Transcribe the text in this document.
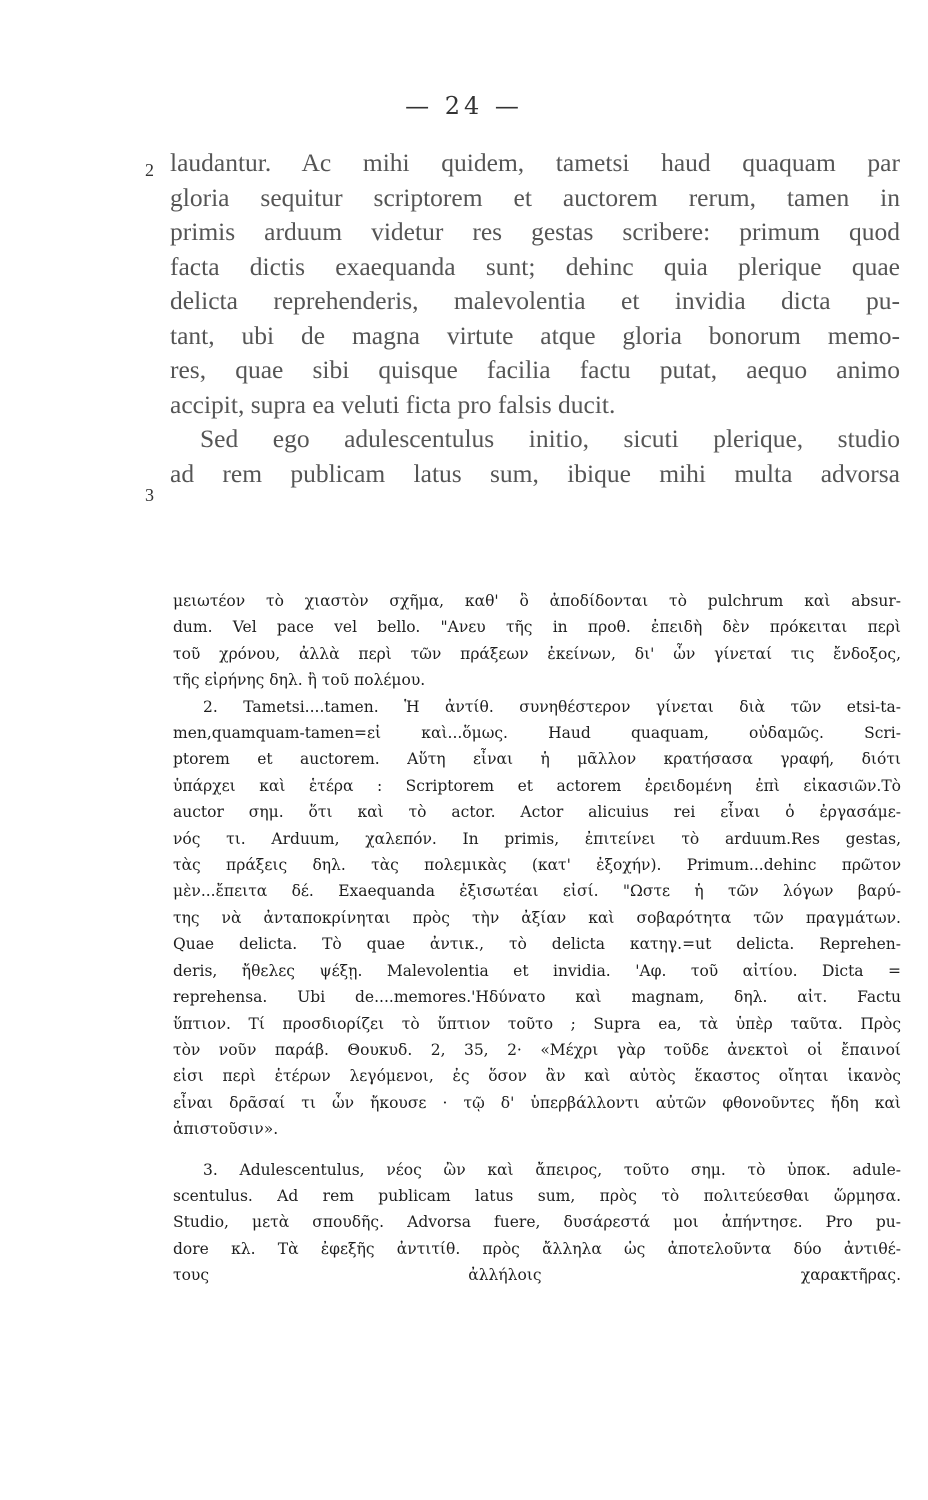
— 24 —
2
3
laudantur. Ac mihi quidem, tametsi haud quaquam par
gloria sequitur scriptorem et auctorem rerum, tamen in
primis arduum videtur res gestas scribere: primum quod
facta dictis exaequanda sunt; dehinc quia plerique quae
delicta reprehenderis, malevolentia et invidia dicta pu-
tant, ubi de magna virtute atque gloria bonorum memo-
res, quae sibi quisque facilia factu putat, aequo animo
accipit, supra ea veluti ficta pro falsis ducit.
Sed ego adulescentulus initio, sicuti plerique, studio
ad rem publicam latus sum, ibique mihi multa advorsa
μειωτέον τὸ χιαστὸν σχῆμα, καθ' ὃ ἀποδίδονται τὸ pulchrum καὶ absur-
dum. Vel pace vel bello. "Ανευ τῆς in προθ. ἐπειδὴ δὲν πρόκειται περὶ
τοῦ χρόνου, ἀλλὰ περὶ τῶν πράξεων ἐκείνων, δι' ὧν γίνεταί τις ἔνδοξος,
τῆς εἰρήνης δηλ. ἢ τοῦ πολέμου.
2. Tametsi....tamen. Ἡ ἀντίθ. συνηθέστερον γίνεται διὰ τῶν etsi-ta-
men,quamquam-tamen=εἰ καὶ...ὅμως. Haud quaquam, οὐδαμῶς. Scri-
ptorem et auctorem. Αὕτη εἶναι ἡ μᾶλλον κρατήσασα γραφή, διότι
ὑπάρχει καὶ ἑτέρα : Scriptorem et actorem ἐρειδομένη ἐπὶ εἰκασιῶν.Τὸ
auctor σημ. ὅτι καὶ τὸ actor. Actor alicuius rei εἶναι ὁ ἐργασάμε-
νός τι. Arduum, χαλεπόν. In primis, ἐπιτείνει τὸ arduum.Res gestas,
τὰς πράξεις δηλ. τὰς πολεμικὰς (κατ' ἐξοχήν). Primum...dehinc πρῶτον
μὲν...ἔπειτα δέ. Exaequanda ἐξισωτέαι εἰσί. "Ωστε ἡ τῶν λόγων βαρύ-
της νὰ ἀνταποκρίνηται πρὸς τὴν ἀξίαν καὶ σοβαρότητα τῶν πραγμάτων.
Quae delicta. Τὸ quae ἀντικ., τὸ delicta κατηγ.=ut delicta. Reprehen-
deris, ἤθελες ψέξῃ. Malevolentia et invidia. 'Αφ. τοῦ αἰτίου. Dicta =
reprehensa. Ubi de....memores.'Ηδύνατο καὶ magnam, δηλ. αἰτ. Factu
ὕπτιον. Τί προσδιορίζει τὸ ὕπτιον τοῦτο ; Supra ea, τὰ ὑπὲρ ταῦτα. Πρὸς
τὸν νοῦν παράβ. Θουκυδ. 2, 35, 2· «Μέχρι γὰρ τοῦδε ἀνεκτοὶ οἱ ἔπαινοί
εἰσι περὶ ἑτέρων λεγόμενοι, ἐς ὅσον ἂν καὶ αὐτὸς ἕκαστος οἴηται ἱκανὸς
εἶναι δρᾶσαί τι ὧν ἤκουσε · τῷ δ' ὑπερβάλλοντι αὐτῶν φθονοῦντες ἤδη καὶ
ἀπιστοῦσιν».
3. Adulescentulus, νέος ὢν καὶ ἄπειρος, τοῦτο σημ. τὸ ὑποκ. adule-
scentulus. Ad rem publicam latus sum, πρὸς τὸ πολιτεύεσθαι ὥρμησα.
Studio, μετὰ σπουδῆς. Advorsa fuere, δυσάρεστά μοι ἀπήντησε. Pro pu-
dore κλ. Τὰ ἐφεξῆς ἀντιτίθ. πρὸς ἄλληλα ὡς ἀποτελοῦντα δύο ἀντιθέ-
τους ἀλλήλοις χαρακτῆρας.
